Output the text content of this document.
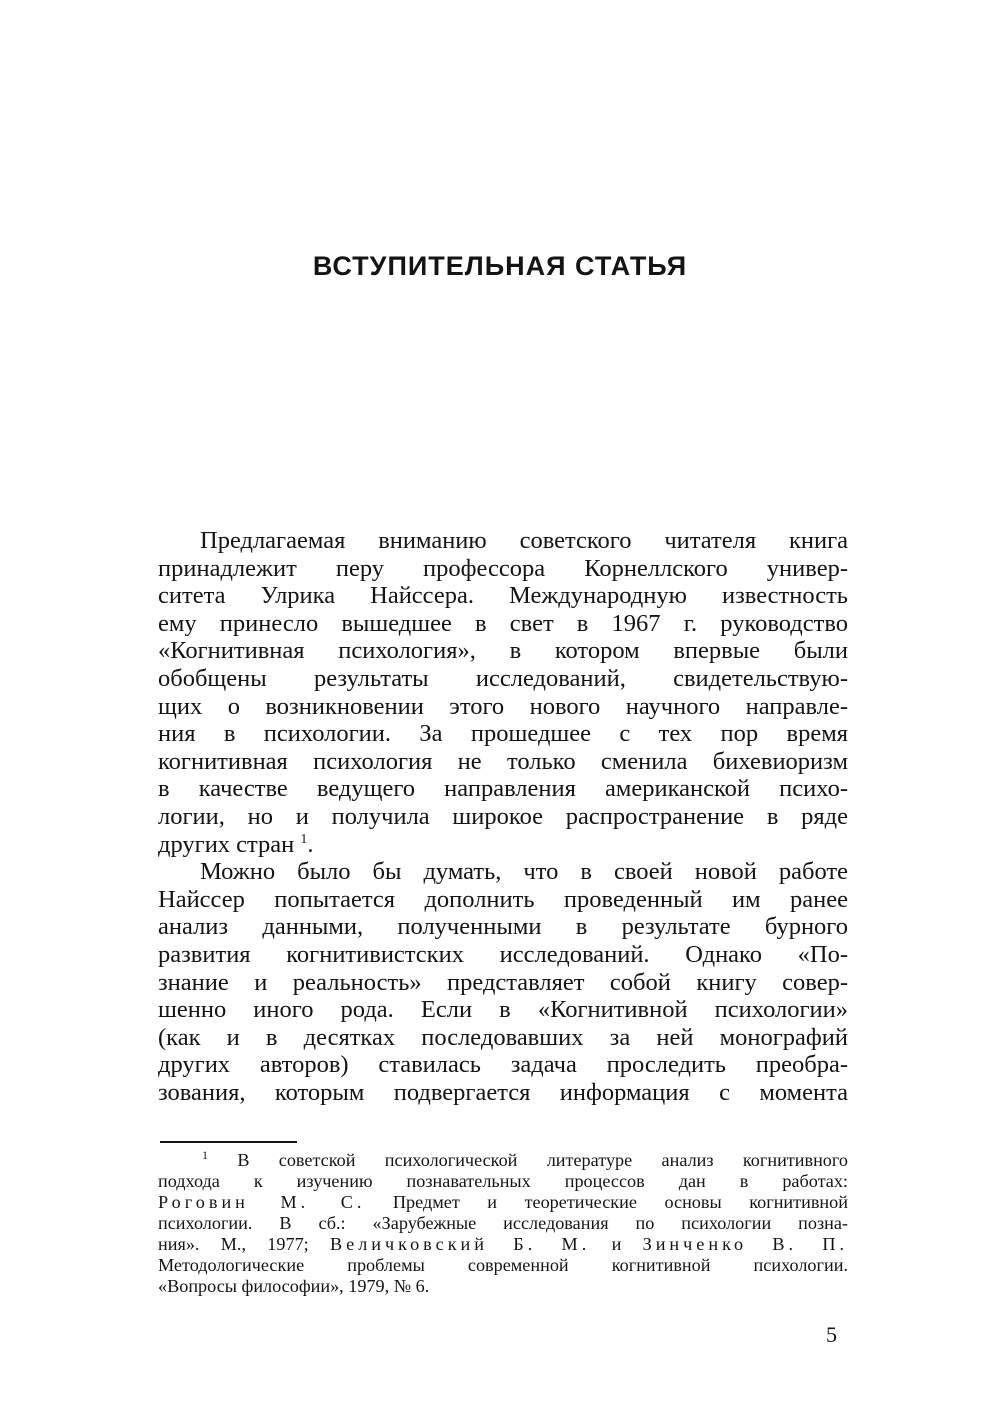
ВСТУПИТЕЛЬНАЯ СТАТЬЯ
Предлагаемая вниманию советского читателя книга
принадлежит перу профессора Корнеллского универ-
ситета Улрика Найссера. Международную известность
ему принесло вышедшее в свет в 1967 г. руководство
«Когнитивная психология», в котором впервые были
обобщены результаты исследований, свидетельствую-
щих о возникновении этого нового научного направле-
ния в психологии. За прошедшее с тех пор время
когнитивная психология не только сменила бихевиоризм
в качестве ведущего направления американской психо-
логии, но и получила широкое распространение в ряде
других стран $^1$.
Можно было бы думать, что в своей новой работе
Найссер попытается дополнить проведенный им ранее
анализ данными, полученными в результате бурного
развития когнитивистских исследований. Однако «По-
знание и реальность» представляет собой книгу совер-
шенно иного рода. Если в «Когнитивной психологии»
(как и в десятках последовавших за ней монографий
других авторов) ставилась задача проследить преобра-
зования, которым подвергается информация с момента
$^1$ В советской психологической литературе анализ когнитивного
подхода к изучению познавательных процессов дан в работах:
Роговин М. С. Предмет и теоретические основы когнитивной
психологии. В сб.: «Зарубежные исследования по психологии позна-
ния». М., 1977; Величковский Б. М. и Зинченко В. П.
Методологические проблемы современной когнитивной психологии.
«Вопросы философии», 1979, № 6.
5
